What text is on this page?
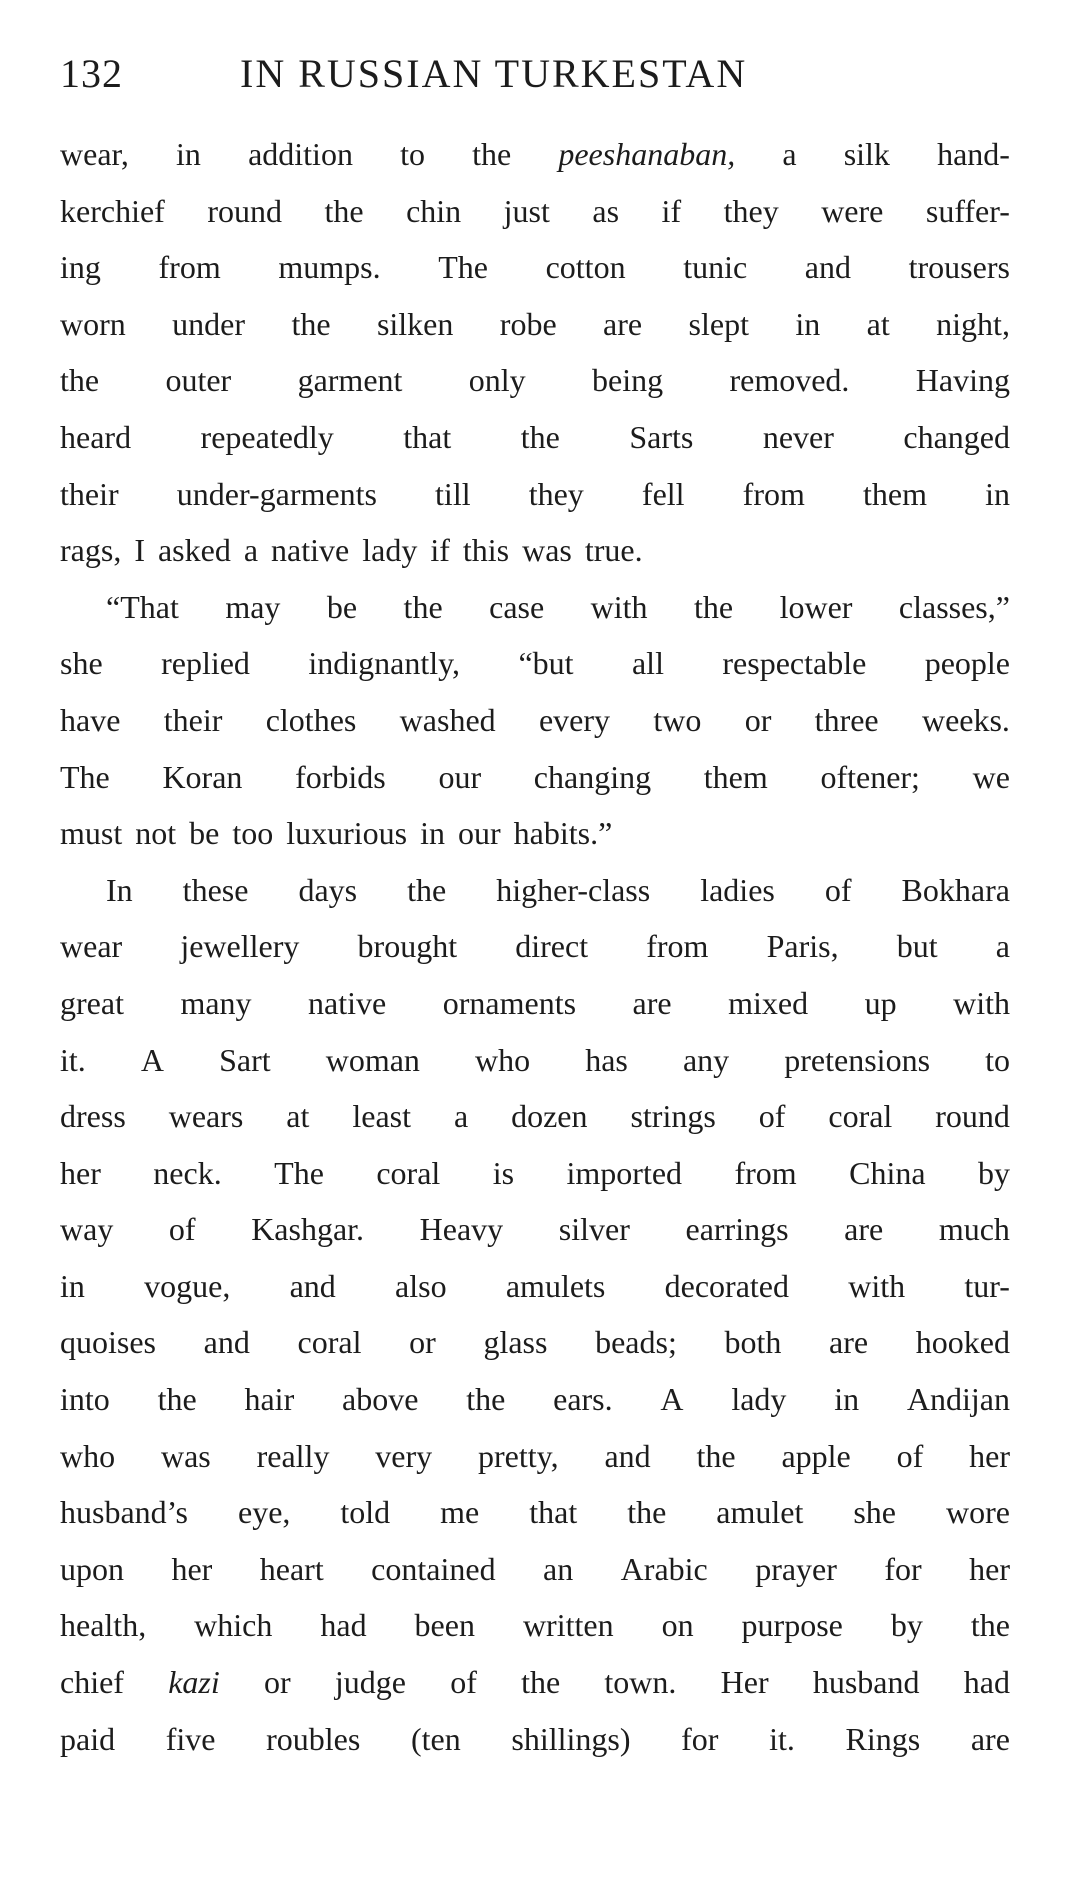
132	IN RUSSIAN TURKESTAN
wear, in addition to the peeshanaban, a silk hand-
kerchief round the chin just as if they were suffer-
ing from mumps. The cotton tunic and trousers
worn under the silken robe are slept in at night,
the outer garment only being removed. Having
heard repeatedly that the Sarts never changed
their under-garments till they fell from them in
rags, I asked a native lady if this was true.
“That may be the case with the lower classes,”
she replied indignantly, “but all respectable people
have their clothes washed every two or three weeks.
The Koran forbids our changing them oftener; we
must not be too luxurious in our habits.”
In these days the higher-class ladies of Bokhara
wear jewellery brought direct from Paris, but a
great many native ornaments are mixed up with
it. A Sart woman who has any pretensions to
dress wears at least a dozen strings of coral round
her neck. The coral is imported from China by
way of Kashgar. Heavy silver earrings are much
in vogue, and also amulets decorated with tur-
quoises and coral or glass beads; both are hooked
into the hair above the ears. A lady in Andijan
who was really very pretty, and the apple of her
husband’s eye, told me that the amulet she wore
upon her heart contained an Arabic prayer for her
health, which had been written on purpose by the
chief kazi or judge of the town. Her husband had
paid five roubles (ten shillings) for it. Rings are
